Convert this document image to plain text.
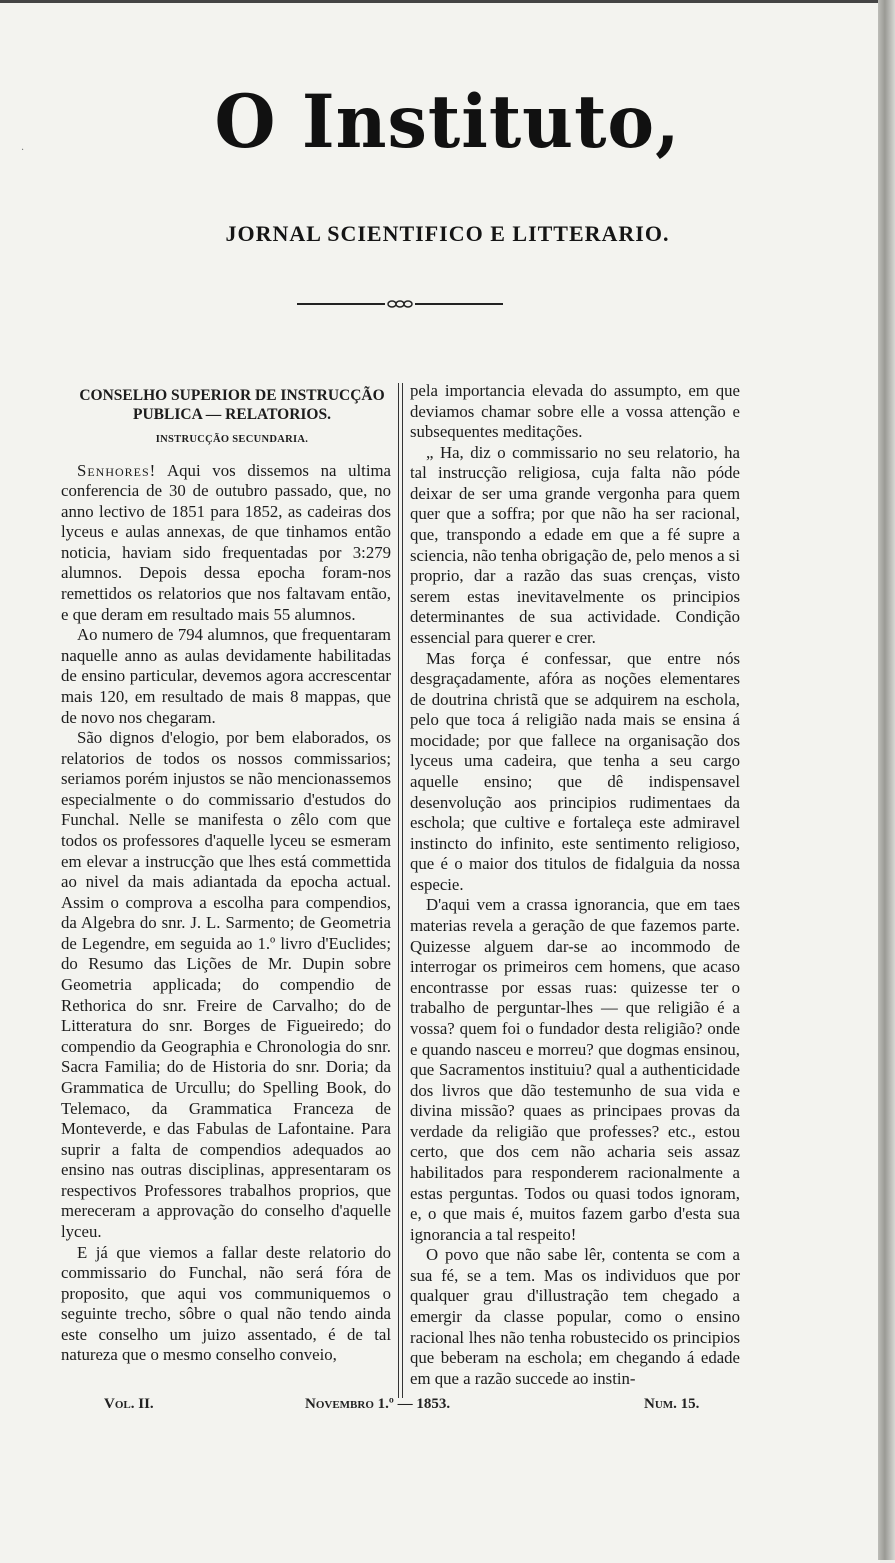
·	O Instituto,
JORNAL SCIENTIFICO E LITTERARIO.
CONSELHO SUPERIOR DE INSTRUCÇÃO PUBLICA — RELATORIOS.
INSTRUCÇÃO SECUNDARIA.

Senhores! Aqui vos dissemos na ultima conferencia de 30 de outubro passado, que, no anno lectivo de 1851 para 1852, as cadeiras dos lyceus e aulas annexas, de que tinhamos então noticia, haviam sido frequentadas por 3:279 alumnos. Depois dessa epocha foram-nos remettidos os relatorios que nos faltavam então, e que deram em resultado mais 55 alumnos.

Ao numero de 794 alumnos, que frequentaram naquelle anno as aulas devidamente habilitadas de ensino particular, devemos agora accrescentar mais 120, em resultado de mais 8 mappas, que de novo nos chegaram.

São dignos d'elogio, por bem elaborados, os relatorios de todos os nossos commissarios; seriamos porém injustos se não mencionassemos especialmente o do commissario d'estudos do Funchal. Nelle se manifesta o zêlo com que todos os professores d'aquelle lyceu se esmeram em elevar a instrucção que lhes está commettida ao nivel da mais adiantada da epocha actual. Assim o comprova a escolha para compendios, da Algebra do snr. J. L. Sarmento; de Geometria de Legendre, em seguida ao 1.º livro d'Euclides; do Resumo das Lições de Mr. Dupin sobre Geometria applicada; do compendio de Rethorica do snr. Freire de Carvalho; do de Litteratura do snr. Borges de Figueiredo; do compendio da Geographia e Chronologia do snr. Sacra Familia; do de Historia do snr. Doria; da Grammatica de Urcullu; do Spelling Book, do Telemaco, da Grammatica Franceza de Monteverde, e das Fabulas de Lafontaine. Para suprir a falta de compendios adequados ao ensino nas outras disciplinas, appresentaram os respectivos Professores trabalhos proprios, que mereceram a approvação do conselho d'aquelle lyceu.

E já que viemos a fallar deste relatorio do commissario do Funchal, não será fóra de proposito, que aqui vos communiquemos o seguinte trecho, sôbre o qual não tendo ainda este conselho um juizo assentado, é de tal natureza que o mesmo conselho conveio,

pela importancia elevada do assumpto, em que deviamos chamar sobre elle a vossa attenção e subsequentes meditações.

„ Ha, diz o commissario no seu relatorio, ha tal instrucção religiosa, cuja falta não póde deixar de ser uma grande vergonha para quem quer que a soffra; por que não ha ser racional, que, transpondo a edade em que a fé supre a sciencia, não tenha obrigação de, pelo menos a si proprio, dar a razão das suas crenças, visto serem estas inevitavelmente os principios determinantes de sua actividade. Condição essencial para querer e crer.

Mas força é confessar, que entre nós desgraçadamente, afóra as noções elementares de doutrina christã que se adquirem na eschola, pelo que toca á religião nada mais se ensina á mocidade; por que fallece na organisação dos lyceus uma cadeira, que tenha a seu cargo aquelle ensino; que dê indispensavel desenvolução aos principios rudimentaes da eschola; que cultive e fortaleça este admiravel instincto do infinito, este sentimento religioso, que é o maior dos titulos de fidalguia da nossa especie.

D'aqui vem a crassa ignorancia, que em taes materias revela a geração de que fazemos parte. Quizesse alguem dar-se ao incommodo de interrogar os primeiros cem homens, que acaso encontrasse por essas ruas: quizesse ter o trabalho de perguntar-lhes — que religião é a vossa? quem foi o fundador desta religião? onde e quando nasceu e morreu? que dogmas ensinou, que Sacramentos instituiu? qual a authenticidade dos livros que dão testemunho de sua vida e divina missão? quaes as principaes provas da verdade da religião que professes? etc., estou certo, que dos cem não acharia seis assaz habilitados para responderem racionalmente a estas perguntas. Todos ou quasi todos ignoram, e, o que mais é, muitos fazem garbo d'esta sua ignorancia a tal respeito!

O povo que não sabe lêr, contenta se com a sua fé, se a tem. Mas os individuos que por qualquer grau d'illustração tem chegado a emergir da classe popular, como o ensino racional lhes não tenha robustecido os principios que beberam na eschola; em chegando á edade em que a razão succede ao instin-

Vol. II.	Novembro 1.º — 1853.	Num. 15.
